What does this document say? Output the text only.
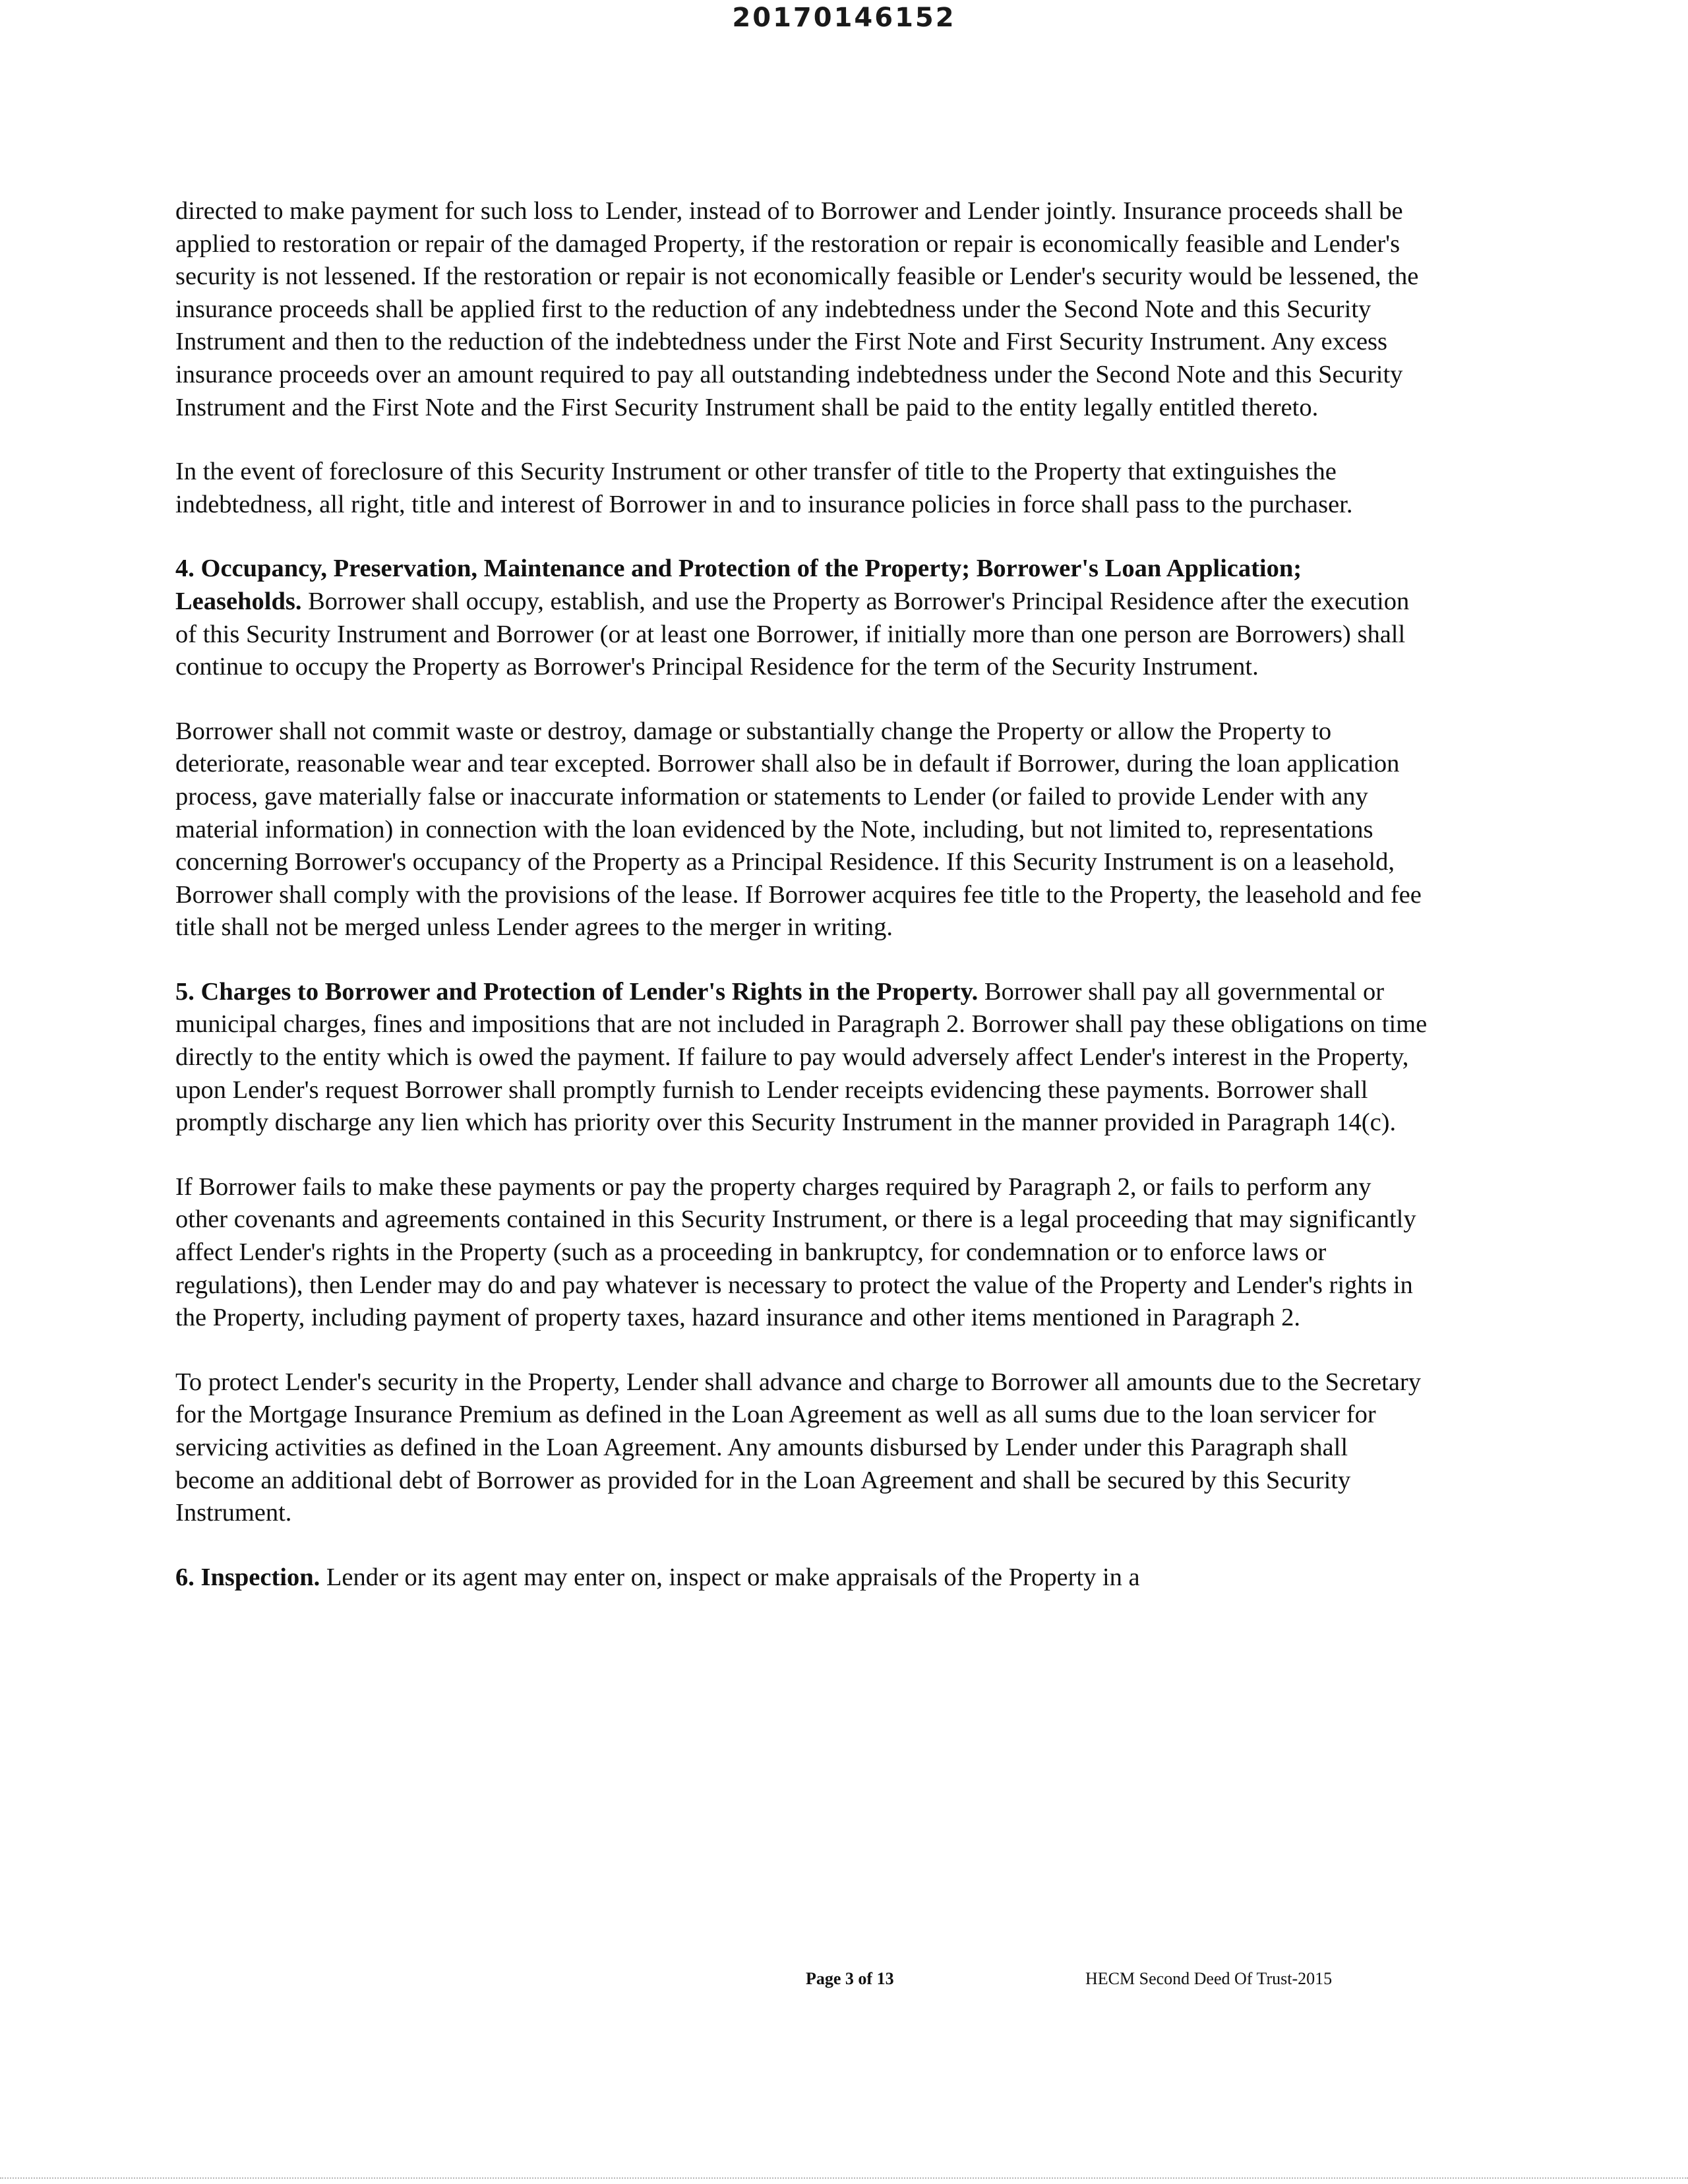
20170146152

directed to make payment for such loss to Lender, instead of to Borrower and Lender jointly. Insurance proceeds shall be applied to restoration or repair of the damaged Property, if the restoration or repair is economically feasible and Lender's security is not lessened. If the restoration or repair is not economically feasible or Lender's security would be lessened, the insurance proceeds shall be applied first to the reduction of any indebtedness under the Second Note and this Security Instrument and then to the reduction of the indebtedness under the First Note and First Security Instrument. Any excess insurance proceeds over an amount required to pay all outstanding indebtedness under the Second Note and this Security Instrument and the First Note and the First Security Instrument shall be paid to the entity legally entitled thereto.

In the event of foreclosure of this Security Instrument or other transfer of title to the Property that extinguishes the indebtedness, all right, title and interest of Borrower in and to insurance policies in force shall pass to the purchaser.

4. Occupancy, Preservation, Maintenance and Protection of the Property; Borrower's Loan Application; Leaseholds. Borrower shall occupy, establish, and use the Property as Borrower's Principal Residence after the execution of this Security Instrument and Borrower (or at least one Borrower, if initially more than one person are Borrowers) shall continue to occupy the Property as Borrower's Principal Residence for the term of the Security Instrument.

Borrower shall not commit waste or destroy, damage or substantially change the Property or allow the Property to deteriorate, reasonable wear and tear excepted. Borrower shall also be in default if Borrower, during the loan application process, gave materially false or inaccurate information or statements to Lender (or failed to provide Lender with any material information) in connection with the loan evidenced by the Note, including, but not limited to, representations concerning Borrower's occupancy of the Property as a Principal Residence. If this Security Instrument is on a leasehold, Borrower shall comply with the provisions of the lease. If Borrower acquires fee title to the Property, the leasehold and fee title shall not be merged unless Lender agrees to the merger in writing.

5. Charges to Borrower and Protection of Lender's Rights in the Property. Borrower shall pay all governmental or municipal charges, fines and impositions that are not included in Paragraph 2. Borrower shall pay these obligations on time directly to the entity which is owed the payment. If failure to pay would adversely affect Lender's interest in the Property, upon Lender's request Borrower shall promptly furnish to Lender receipts evidencing these payments. Borrower shall promptly discharge any lien which has priority over this Security Instrument in the manner provided in Paragraph 14(c).

If Borrower fails to make these payments or pay the property charges required by Paragraph 2, or fails to perform any other covenants and agreements contained in this Security Instrument, or there is a legal proceeding that may significantly affect Lender's rights in the Property (such as a proceeding in bankruptcy, for condemnation or to enforce laws or regulations), then Lender may do and pay whatever is necessary to protect the value of the Property and Lender's rights in the Property, including payment of property taxes, hazard insurance and other items mentioned in Paragraph 2.

To protect Lender's security in the Property, Lender shall advance and charge to Borrower all amounts due to the Secretary for the Mortgage Insurance Premium as defined in the Loan Agreement as well as all sums due to the loan servicer for servicing activities as defined in the Loan Agreement. Any amounts disbursed by Lender under this Paragraph shall become an additional debt of Borrower as provided for in the Loan Agreement and shall be secured by this Security Instrument.

6. Inspection. Lender or its agent may enter on, inspect or make appraisals of the Property in a

Page 3 of 13	HECM Second Deed Of Trust-2015
